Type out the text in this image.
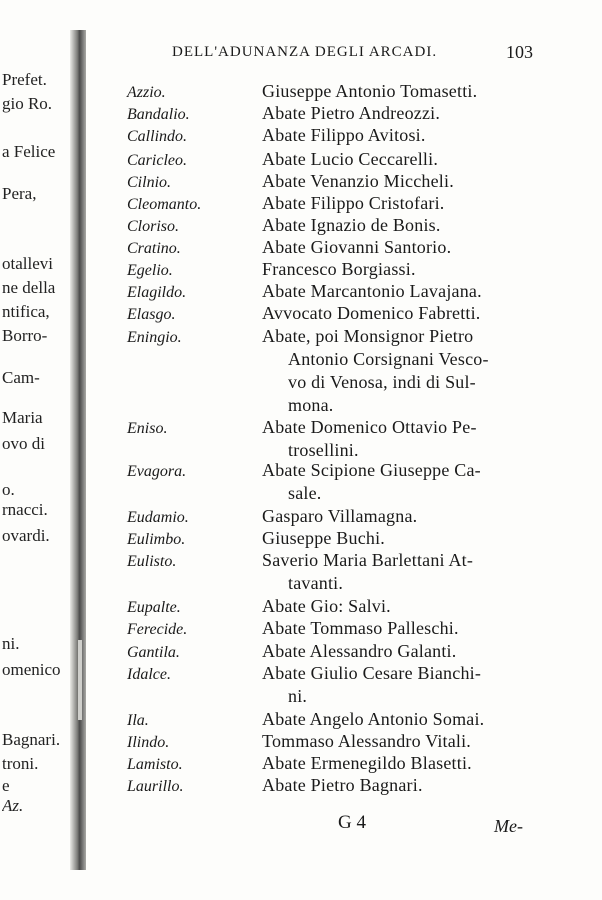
Prefet.
gio Ro.
a Felice
Pera,
otallevi
ne della
ntifica,
Borro-
Cam-
Maria
ovo di
o.
rnacci.
ovardi.
ni.
omenico
Bagnari.
troni.
e
Az.
DELL'ADUNANZA DEGLI ARCADI.	103
Azzio.	Giuseppe Antonio Tomasetti.
Bandalio.	Abate Pietro Andreozzi.
Callindo.	Abate Filippo Avitosi.
Caricleo.	Abate Lucio Ceccarelli.
Cilnio.	Abate Venanzio Miccheli.
Cleomanto.	Abate Filippo Cristofari.
Cloriso.	Abate Ignazio de Bonis.
Cratino.	Abate Giovanni Santorio.
Egelio.	Francesco Borgiassi.
Elagildo.	Abate Marcantonio Lavajana.
Elasgo.	Avvocato Domenico Fabretti.
Eningio.	Abate, poi Monsignor Pietro
Antonio Corsignani Vesco-
vo di Venosa, indi di Sul-
mona.
Eniso.	Abate Domenico Ottavio Pe-
trosellini.
Evagora.	Abate Scipione Giuseppe Ca-
sale.
Eudamio.	Gasparo Villamagna.
Eulimbo.	Giuseppe Buchi.
Eulisto.	Saverio Maria Barlettani At-
tavanti.
Eupalte.	Abate Gio: Salvi.
Ferecide.	Abate Tommaso Palleschi.
Gantila.	Abate Alessandro Galanti.
Idalce.	Abate Giulio Cesare Bianchi-
ni.
Ila.	Abate Angelo Antonio Somai.
Ilindo.	Tommaso Alessandro Vitali.
Lamisto.	Abate Ermenegildo Blasetti.
Laurillo.	Abate Pietro Bagnari.
G 4	Me-
